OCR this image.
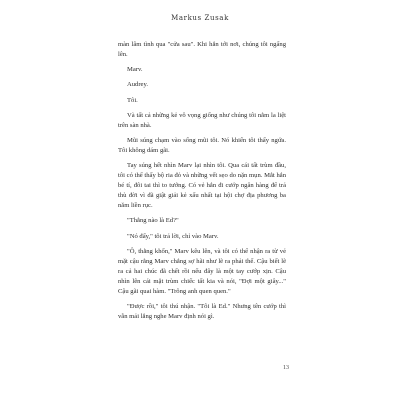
Markus Zusak

màn lâm tình qua "cửa sau". Khi hắn tới nơi, chúng tôi ngẩng lên.

Marv.

Audrey.

Tôi.

Và tất cả những kẻ vô vọng giống như chúng tôi nằm la liệt trên sàn nhà.

Mũi súng chạm vào sống mũi tôi. Nó khiến tôi thấy ngứa. Tôi không dám gãi.

Tay súng hết nhìn Marv lại nhìn tôi. Qua cái tất trùm đầu, tôi có thể thấy bộ ria đỏ và những vết sẹo do nặn mụn. Mắt hắn bé tí, đôi tai thì to tướng. Có vẻ hắn đi cướp ngân hàng để trả thù đời vì đã giật giải kẻ xấu nhất tại hội chợ địa phương ba năm liền rục.

"Thằng nào là Ed?"

"Nó đấy," tôi trả lời, chỉ vào Marv.

"Ô, thằng khốn," Marv kêu lên, và tôi có thể nhận ra từ vẻ mặt cậu rằng Marv chẳng sợ hãi như lẽ ra phải thế. Cậu biết lẽ ra cả hai chúc đã chết rồi nếu đây là một tay cướp xịn. Cậu nhìn lên cái mặt trùm chiếc tất kia và nói, "Đợi một giây..." Cậu gãi quai hàm. "Trông anh quen quen."

"Được rồi," tôi thú nhận. "Tôi là Ed." Nhưng tên cướp thì vẫn mải lắng nghe Marv định nói gì.

13
